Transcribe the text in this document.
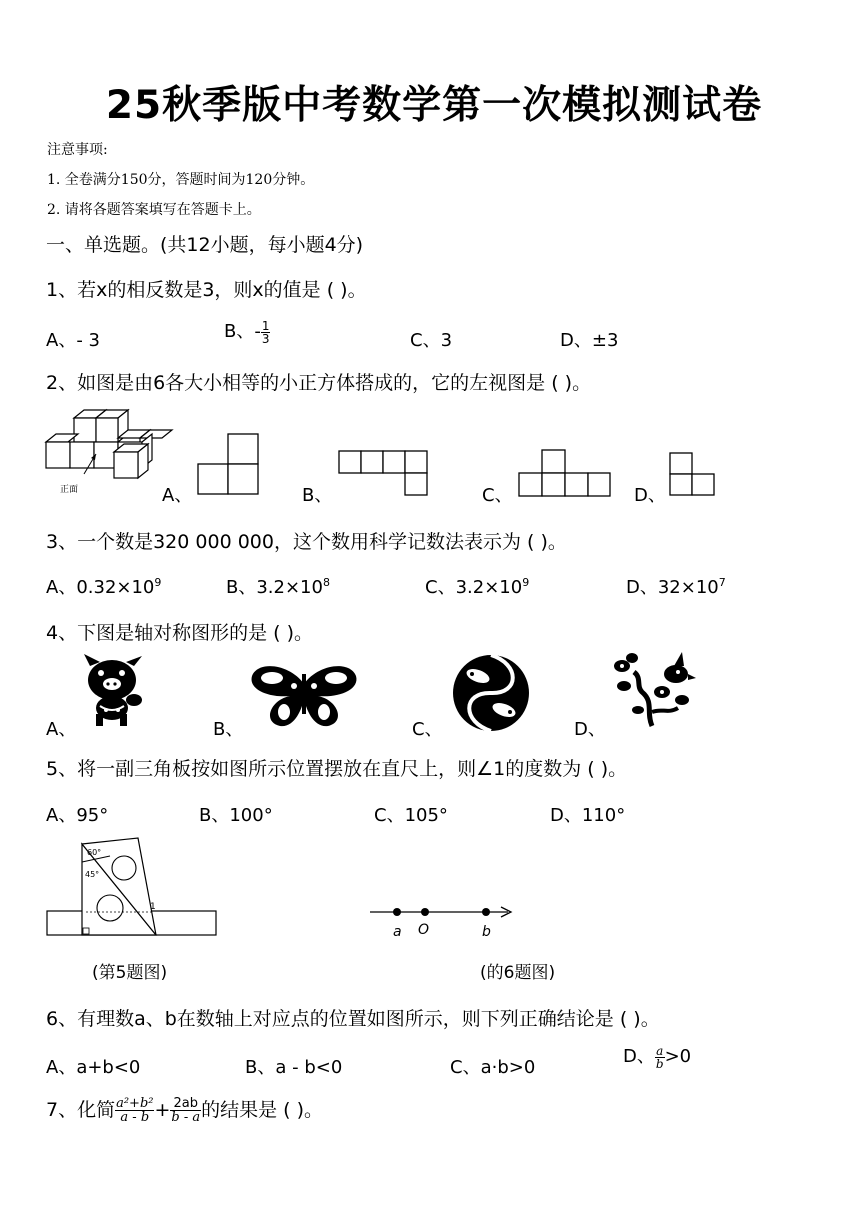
25秋季版中考数学第一次模拟测试卷
注意事项:
1. 全卷满分150分，答题时间为120分钟。
2. 请将各题答案填写在答题卡上。
一、单选题。(共12小题，每小题4分)
1、若x的相反数是3，则x的值是 ( )。
A、- 3	B、- $\frac{1}{3}$	C、3	D、±3
2、如图是由6各大小相等的小正方体搭成的，它的左视图是 ( )。
正面	A、	B、	C、	D、
3、一个数是320 000 000，这个数用科学记数法表示为 ( )。
A、$0.32\times 10^9$	B、$3.2\times 10^8$	C、$3.2\times 10^9$	D、$32\times 10^7$
4、下图是轴对称图形的是 ( )。
A、	B、	C、	D、
5、将一副三角板按如图所示位置摆放在直尺上，则∠1的度数为 ( )。
A、95°	B、100°	C、105°	D、110°
60°
45°
1
a O	b
(第5题图)	(的6题图)
6、有理数a、b在数轴上对应点的位置如图所示，则下列正确结论是 ( )。
A、a+b<0	B、a - b<0	C、a·b>0
D、 $\frac{a}{b} >0$
7、化简 $\frac{\text{a²+b²}}{a - b} + \frac{2ab}{b - a}$ 的结果是 ( )。
